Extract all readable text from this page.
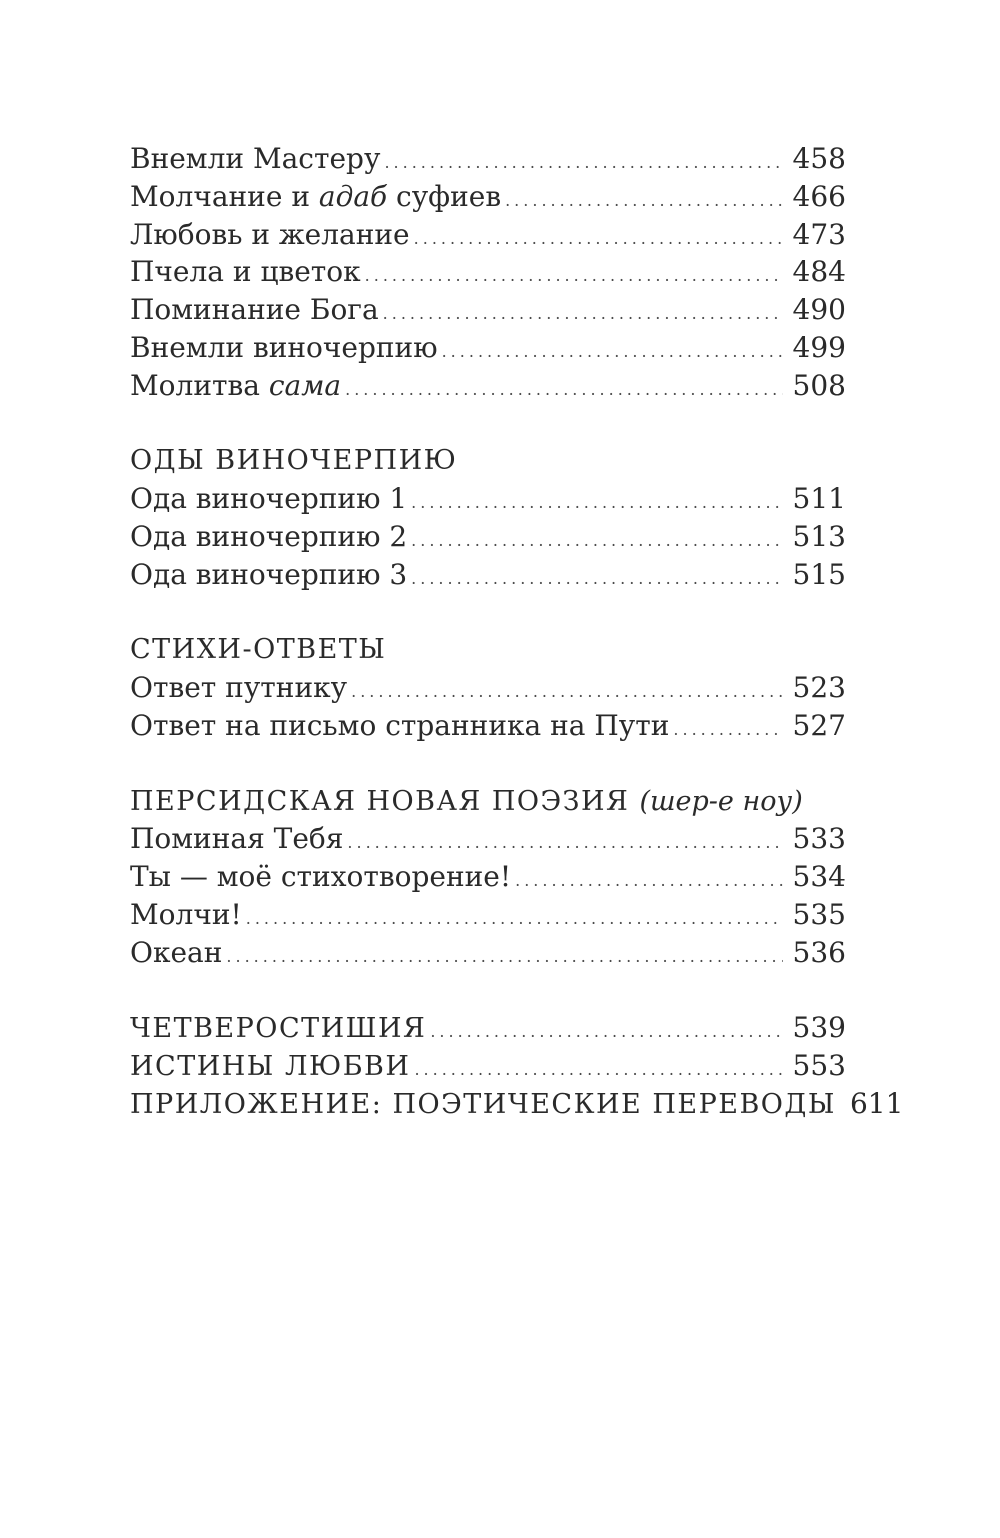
Внемли Мастеру .....	458
Молчание и адаб суфиев .....	466
Любовь и желание .....	473
Пчела и цветок .....	484
Поминание Бога .....	490
Внемли виночерпию .....	499
Молитва сама .....	508
ОДЫ ВИНОЧЕРПИЮ
Ода виночерпию 1 .....	511
Ода виночерпию 2 .....	513
Ода виночерпию 3 .....	515
СТИХИ-ОТВЕТЫ
Ответ путнику .....	523
Ответ на письмо странника на Пути .....	527
ПЕРСИДСКАЯ НОВАЯ ПОЭЗИЯ (шер-е ноу)
Поминая Тебя .....	533
Ты — моё стихотворение! .....	534
Молчи! .....	535
Океан .....	536
ЧЕТВЕРОСТИШИЯ .....	539
ИСТИНЫ ЛЮБВИ .....	553
ПРИЛОЖЕНИЕ: ПОЭТИЧЕСКИЕ ПЕРЕВОДЫ 611
